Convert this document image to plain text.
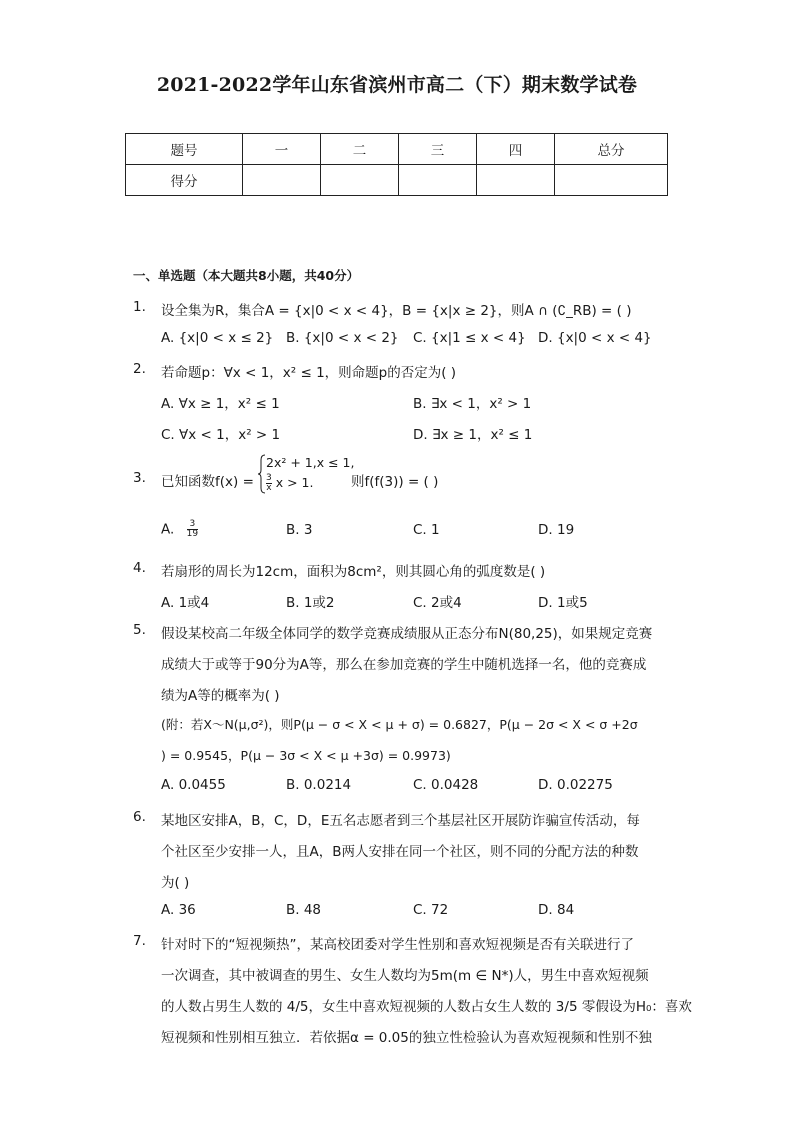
2021-2022学年山东省滨州市高二（下）期末数学试卷
题号	一	二	三	四	总分
得分					
一、单选题（本大题共8小题，共40分）
1. 设全集为R，集合A = {x|0 < x < 4}，B = {x|x ≥ 2}，则A ∩ (∁_RB) = ( )
A. {x|0 < x ≤ 2} B. {x|0 < x < 2} C. {x|1 ≤ x < 4} D. {x|0 < x < 4}
2. 若命题p：∀x < 1，x² ≤ 1，则命题p的否定为( )
A. ∀x ≥ 1，x² ≤ 1	B. ∃x < 1，x² > 1
C. ∀x < 1，x² > 1	D. ∃x ≥ 1，x² ≤ 1
3. 已知函数f(x) =
2x² + 1,x ≤ 1,
$\frac{3}{x}$ x > 1.	则f(f(3)) = ( )
A. $\frac{3}{19}$	B. 3	C. 1	D. 19
4. 若扇形的周长为12cm，面积为8cm²，则其圆心角的弧度数是( )
A. 1或4	B. 1或2	C. 2或4	D. 1或5
5. 假设某校高二年级全体同学的数学竞赛成绩服从正态分布N(80,25)，如果规定竞赛
成绩大于或等于90分为A等，那么在参加竞赛的学生中随机选择一名，他的竞赛成
绩为A等的概率为( )
(附：若X～N(μ,σ²)，则P(μ − σ < X < μ + σ) = 0.6827，P(μ − 2σ < X < σ +2σ
) = 0.9545，P(μ − 3σ < X < μ +3σ) = 0.9973)
A. 0.0455	B. 0.0214	C. 0.0428	D. 0.02275
6. 某地区安排A，B，C，D，E五名志愿者到三个基层社区开展防诈骗宣传活动，每
个社区至少安排一人，且A，B两人安排在同一个社区，则不同的分配方法的种数
为( )
A. 36	B. 48	C. 72	D. 84
7. 针对时下的“短视频热”，某高校团委对学生性别和喜欢短视频是否有关联进行了
一次调查，其中被调查的男生、女生人数均为5m(m ∈ N*)人，男生中喜欢短视频
的人数占男生人数的 4/5，女生中喜欢短视频的人数占女生人数的 3/5 零假设为H₀：喜欢
短视频和性别相互独立．若依据α = 0.05的独立性检验认为喜欢短视频和性别不独
